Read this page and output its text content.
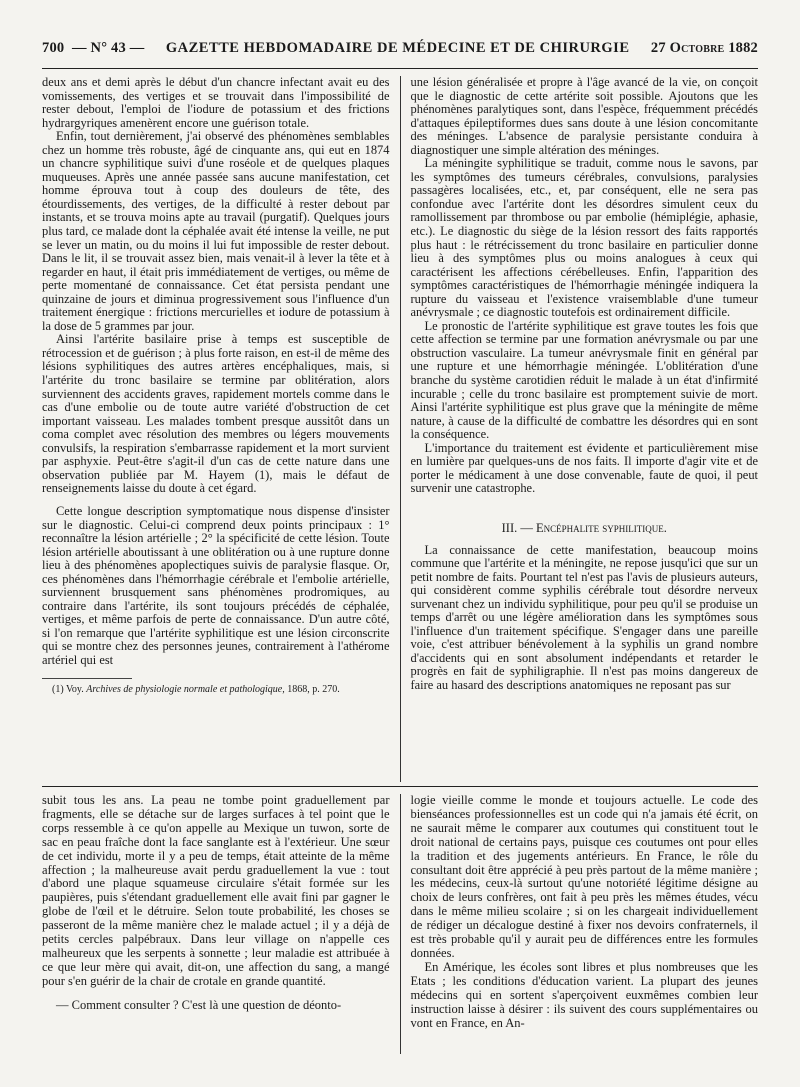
700 — N° 43 — GAZETTE HEBDOMADAIRE DE MÉDECINE ET DE CHIRURGIE 27 Octobre 1882

deux ans et demi après le début d'un chancre infectant avait eu des vomissements, des vertiges et se trouvait dans l'impossibilité de rester debout, l'emploi de l'iodure de potassium et des frictions hydrargyriques amenèrent encore une guérison totale.

Enfin, tout dernièrement, j'ai observé des phénomènes semblables chez un homme très robuste, âgé de cinquante ans, qui eut en 1874 un chancre syphilitique suivi d'une roséole et de quelques plaques muqueuses. Après une année passée sans aucune manifestation, cet homme éprouva tout à coup des douleurs de tête, des étourdissements, des vertiges, de la difficulté à rester debout par instants, et se trouva moins apte au travail (purgatif). Quelques jours plus tard, ce malade dont la céphalée avait été intense la veille, ne put se lever un matin, ou du moins il lui fut impossible de rester debout. Dans le lit, il se trouvait assez bien, mais venait-il à lever la tête et à regarder en haut, il était pris immédiatement de vertiges, ou même de perte momentané de connaissance. Cet état persista pendant une quinzaine de jours et diminua progressivement sous l'influence d'un traitement énergique : frictions mercurielles et iodure de potassium à la dose de 5 grammes par jour.

Ainsi l'artérite basilaire prise à temps est susceptible de rétrocession et de guérison ; à plus forte raison, en est-il de même des lésions syphilitiques des autres artères encéphaliques, mais, si l'artérite du tronc basilaire se termine par oblitération, alors surviennent des accidents graves, rapidement mortels comme dans le cas d'une embolie ou de toute autre variété d'obstruction de cet important vaisseau. Les malades tombent presque aussitôt dans un coma complet avec résolution des membres ou légers mouvements convulsifs, la respiration s'embarrasse rapidement et la mort survient par asphyxie. Peut-être s'agit-il d'un cas de cette nature dans une observation publiée par M. Hayem (1), mais le défaut de renseignements laisse du doute à cet égard.

Cette longue description symptomatique nous dispense d'insister sur le diagnostic. Celui-ci comprend deux points principaux : 1° reconnaître la lésion artérielle ; 2° la spécificité de cette lésion. Toute lésion artérielle aboutissant à une oblitération ou à une rupture donne lieu à des phénomènes apoplectiques suivis de paralysie flasque. Or, ces phénomènes dans l'hémorrhagie cérébrale et l'embolie artérielle, surviennent brusquement sans phénomènes prodromiques, au contraire dans l'artérite, ils sont toujours précédés de céphalée, vertiges, et même parfois de perte de connaissance. D'un autre côté, si l'on remarque que l'artérite syphilitique est une lésion circonscrite qui se montre chez des personnes jeunes, contrairement à l'athérome artériel qui est

(1) Voy. Archives de physiologie normale et pathologique, 1868, p. 270.

une lésion généralisée et propre à l'âge avancé de la vie, on conçoit que le diagnostic de cette artérite soit possible. Ajoutons que les phénomènes paralytiques sont, dans l'espèce, fréquemment précédés d'attaques épileptiformes dues sans doute à une lésion concomitante des méninges. L'absence de paralysie persistante conduira à diagnostiquer une simple altération des méninges.

La méningite syphilitique se traduit, comme nous le savons, par les symptômes des tumeurs cérébrales, convulsions, paralysies passagères localisées, etc., et, par conséquent, elle ne sera pas confondue avec l'artérite dont les désordres simulent ceux du ramollissement par thrombose ou par embolie (hémiplégie, aphasie, etc.). Le diagnostic du siège de la lésion ressort des faits rapportés plus haut : le rétrécissement du tronc basilaire en particulier donne lieu à des symptômes plus ou moins analogues à ceux qui caractérisent les affections cérébelleuses. Enfin, l'apparition des symptômes caractéristiques de l'hémorrhagie méningée indiquera la rupture du vaisseau et l'existence vraisemblable d'une tumeur anévrysmale ; ce diagnostic toutefois est ordinairement difficile.

Le pronostic de l'artérite syphilitique est grave toutes les fois que cette affection se termine par une formation anévrysmale ou par une obstruction vasculaire. La tumeur anévrysmale finit en général par une rupture et une hémorrhagie méningée. L'oblitération d'une branche du système carotidien réduit le malade à un état d'infirmité incurable ; celle du tronc basilaire est promptement suivie de mort. Ainsi l'artérite syphilitique est plus grave que la méningite de même nature, à cause de la difficulté de combattre les désordres qui en sont la conséquence.

L'importance du traitement est évidente et particulièrement mise en lumière par quelques-uns de nos faits. Il importe d'agir vite et de porter le médicament à une dose convenable, faute de quoi, il peut survenir une catastrophe.

III. — Encéphalite syphilitique.

La connaissance de cette manifestation, beaucoup moins commune que l'artérite et la méningite, ne repose jusqu'ici que sur un petit nombre de faits. Pourtant tel n'est pas l'avis de plusieurs auteurs, qui considèrent comme syphilis cérébrale tout désordre nerveux survenant chez un individu syphilitique, pour peu qu'il se produise un temps d'arrêt ou une légère amélioration dans les symptômes sous l'influence d'un traitement spécifique. S'engager dans une pareille voie, c'est attribuer bénévolement à la syphilis un grand nombre d'accidents qui en sont absolument indépendants et retarder le progrès en fait de syphiligraphie. Il n'est pas moins dangereux de faire au hasard des descriptions anatomiques ne reposant pas sur

subit tous les ans. La peau ne tombe point graduellement par fragments, elle se détache sur de larges surfaces à tel point que le corps ressemble à ce qu'on appelle au Mexique un tuwon, sorte de sac en peau fraîche dont la face sanglante est à l'extérieur. Une sœur de cet individu, morte il y a peu de temps, était atteinte de la même affection ; la malheureuse avait perdu graduellement la vue : tout d'abord une plaque squameuse circulaire s'était formée sur les paupières, puis s'étendant graduellement elle avait fini par gagner le globe de l'œil et le détruire. Selon toute probabilité, les choses se passeront de la même manière chez le malade actuel ; il y a déjà de petits cercles palpébraux. Dans leur village on n'appelle ces malheureux que les serpents à sonnette ; leur maladie est attribuée à ce que leur mère qui avait, dit-on, une affection du sang, a mangé pour s'en guérir de la chair de crotale en grande quantité.

— Comment consulter ? C'est là une question de déonto-

logie vieille comme le monde et toujours actuelle. Le code des bienséances professionnelles est un code qui n'a jamais été écrit, on ne saurait même le comparer aux coutumes qui constituent tout le droit national de certains pays, puisque ces coutumes ont pour elles la tradition et des jugements antérieurs. En France, le rôle du consultant doit être apprécié à peu près partout de la même manière ; les médecins, ceux-là surtout qu'une notoriété légitime désigne au choix de leurs confrères, ont fait à peu près les mêmes études, vécu dans le même milieu scolaire ; si on les chargeait individuellement de rédiger un décalogue destiné à fixer nos devoirs confraternels, il est très probable qu'il y aurait peu de différences entre les formules données.

En Amérique, les écoles sont libres et plus nombreuses que les Etats ; les conditions d'éducation varient. La plupart des jeunes médecins qui en sortent s'aperçoivent euxmêmes combien leur instruction laisse à désirer : ils suivent des cours supplémentaires ou vont en France, en An-
